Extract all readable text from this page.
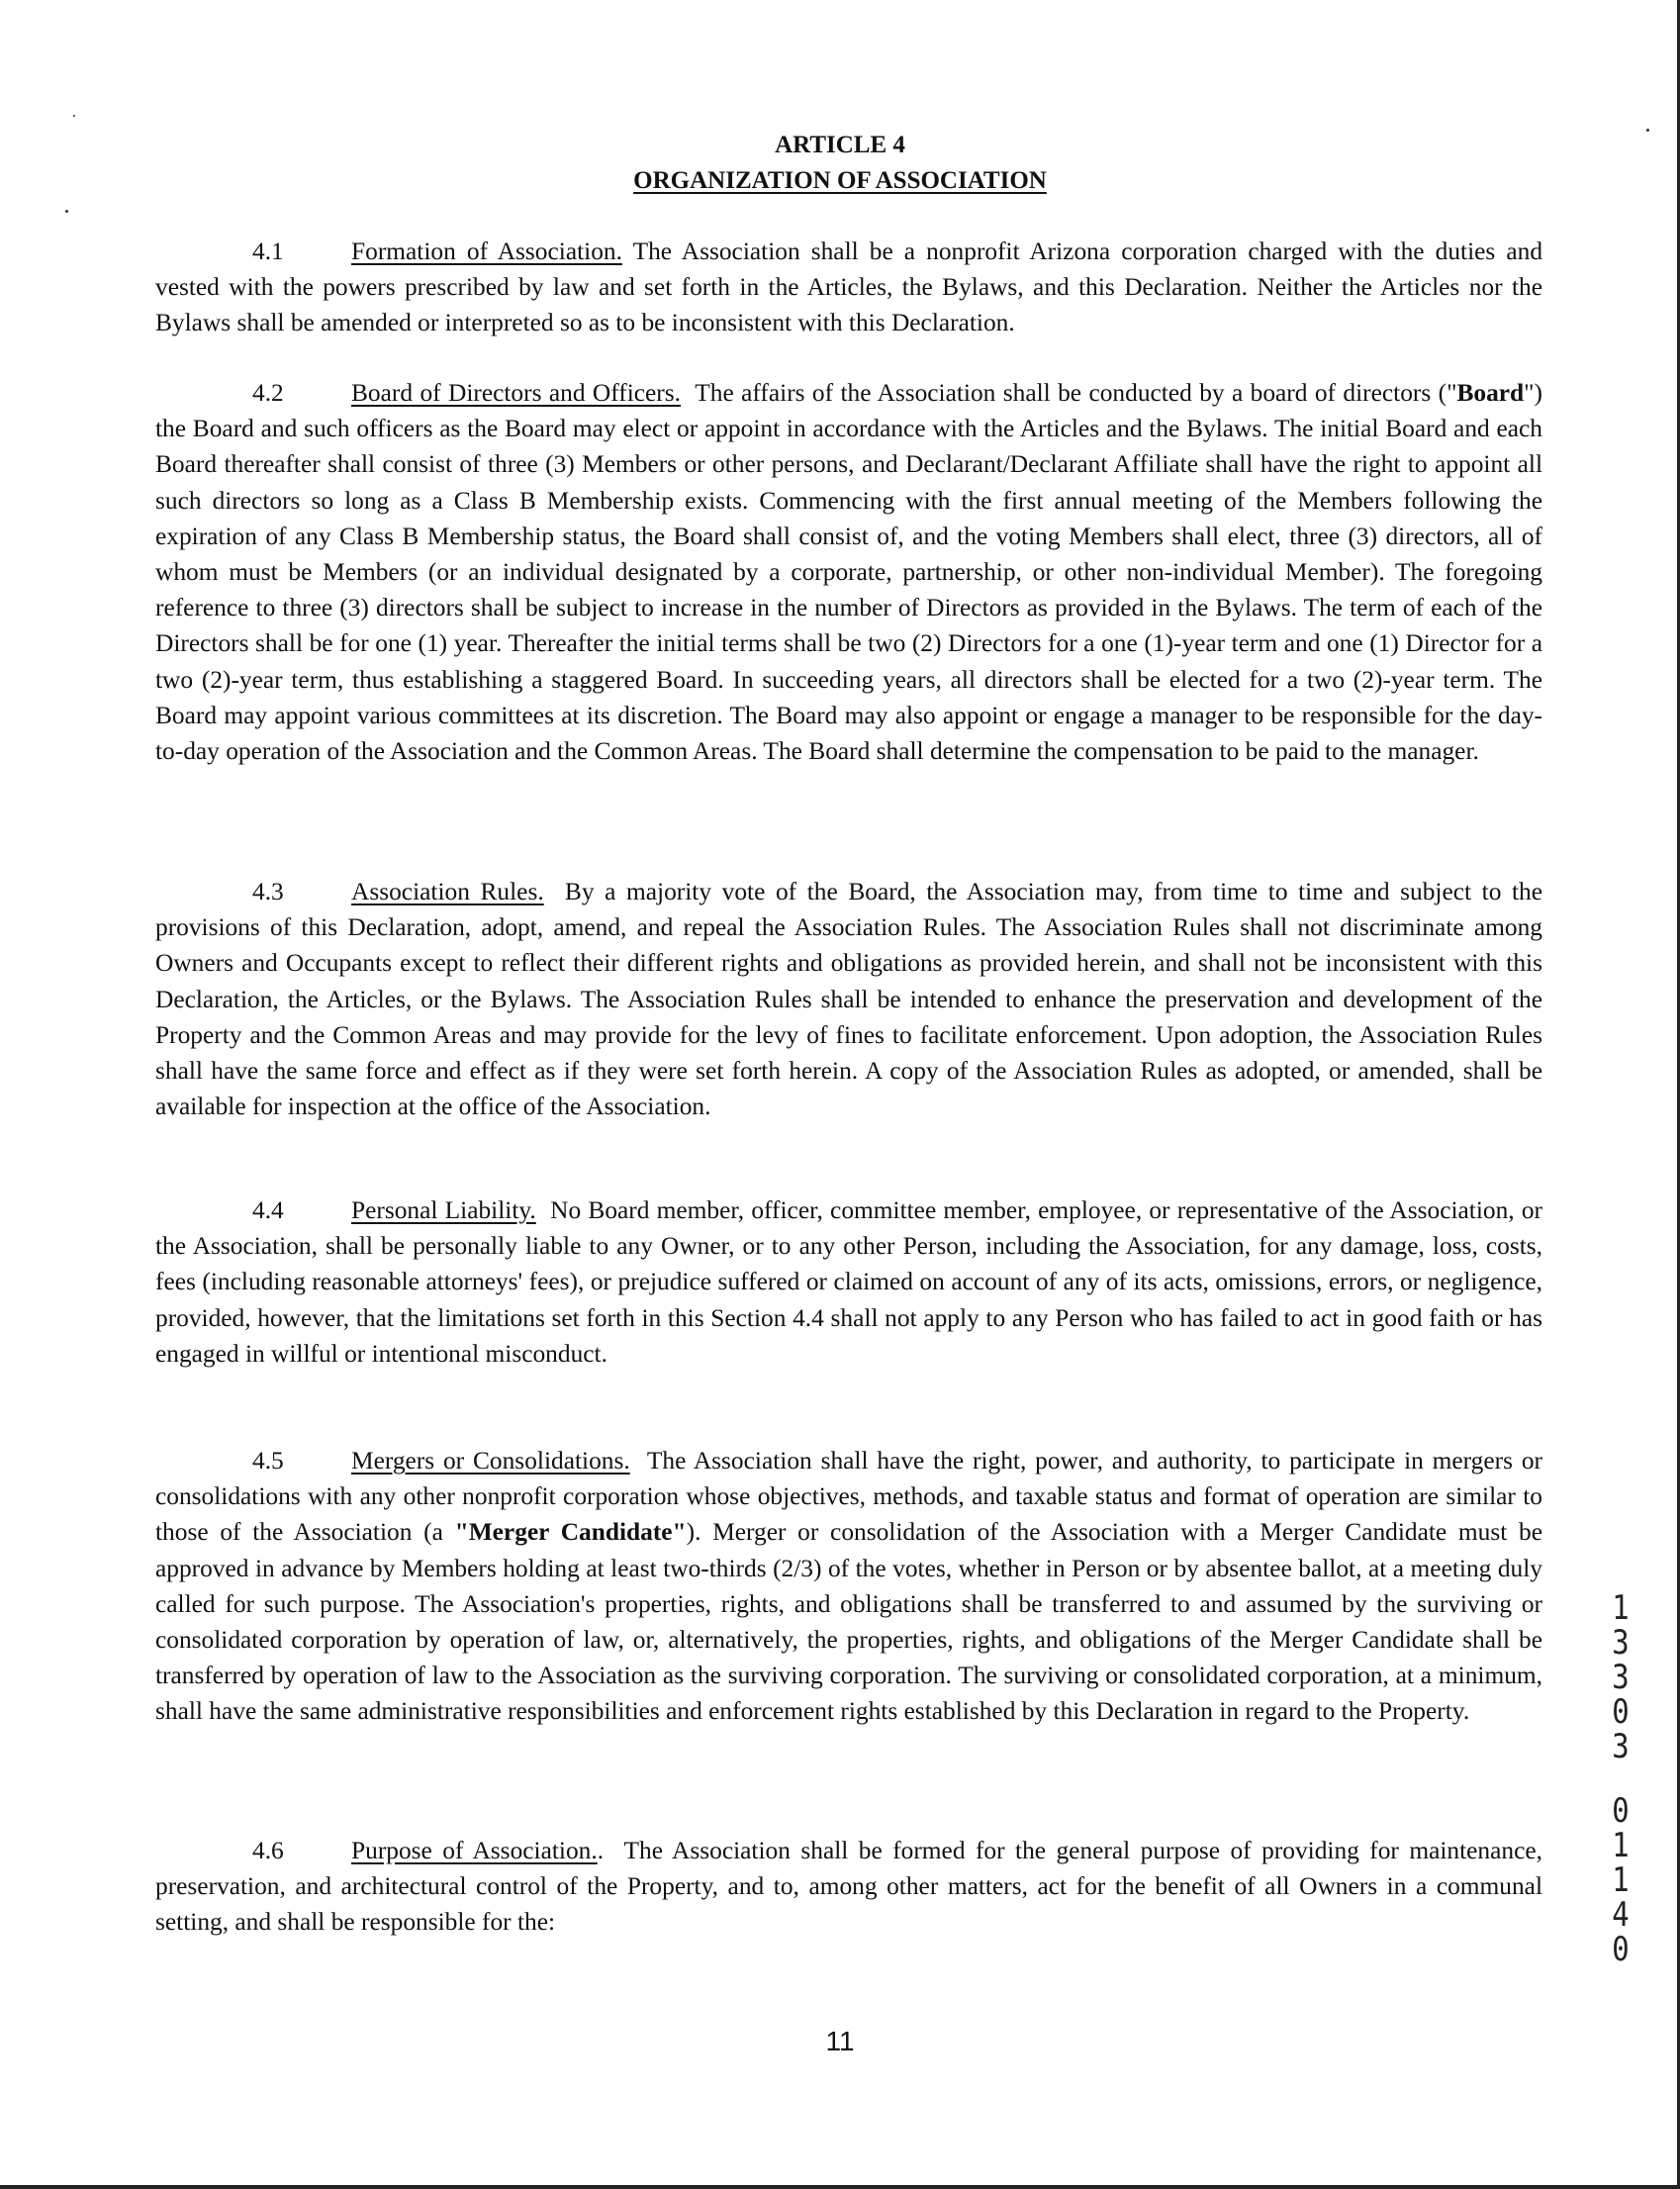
ARTICLE 4
ORGANIZATION OF ASSOCIATION

4.1	Formation of Association. The Association shall be a nonprofit Arizona corporation charged with the duties and vested with the powers prescribed by law and set forth in the Articles, the Bylaws, and this Declaration. Neither the Articles nor the Bylaws shall be amended or interpreted so as to be inconsistent with this Declaration.

4.2	Board of Directors and Officers. The affairs of the Association shall be conducted by a board of directors ("Board") the Board and such officers as the Board may elect or appoint in accordance with the Articles and the Bylaws. The initial Board and each Board thereafter shall consist of three (3) Members or other persons, and Declarant/Declarant Affiliate shall have the right to appoint all such directors so long as a Class B Membership exists. Commencing with the first annual meeting of the Members following the expiration of any Class B Membership status, the Board shall consist of, and the voting Members shall elect, three (3) directors, all of whom must be Members (or an individual designated by a corporate, partnership, or other non-individual Member). The foregoing reference to three (3) directors shall be subject to increase in the number of Directors as provided in the Bylaws. The term of each of the Directors shall be for one (1) year. Thereafter the initial terms shall be two (2) Directors for a one (1)-year term and one (1) Director for a two (2)-year term, thus establishing a staggered Board. In succeeding years, all directors shall be elected for a two (2)-year term. The Board may appoint various committees at its discretion. The Board may also appoint or engage a manager to be responsible for the day-to-day operation of the Association and the Common Areas. The Board shall determine the compensation to be paid to the manager.

4.3	Association Rules. By a majority vote of the Board, the Association may, from time to time and subject to the provisions of this Declaration, adopt, amend, and repeal the Association Rules. The Association Rules shall not discriminate among Owners and Occupants except to reflect their different rights and obligations as provided herein, and shall not be inconsistent with this Declaration, the Articles, or the Bylaws. The Association Rules shall be intended to enhance the preservation and development of the Property and the Common Areas and may provide for the levy of fines to facilitate enforcement. Upon adoption, the Association Rules shall have the same force and effect as if they were set forth herein. A copy of the Association Rules as adopted, or amended, shall be available for inspection at the office of the Association.

4.4	Personal Liability. No Board member, officer, committee member, employee, or representative of the Association, or the Association, shall be personally liable to any Owner, or to any other Person, including the Association, for any damage, loss, costs, fees (including reasonable attorneys' fees), or prejudice suffered or claimed on account of any of its acts, omissions, errors, or negligence, provided, however, that the limitations set forth in this Section 4.4 shall not apply to any Person who has failed to act in good faith or has engaged in willful or intentional misconduct.

4.5	Mergers or Consolidations. The Association shall have the right, power, and authority, to participate in mergers or consolidations with any other nonprofit corporation whose objectives, methods, and taxable status and format of operation are similar to those of the Association (a "Merger Candidate"). Merger or consolidation of the Association with a Merger Candidate must be approved in advance by Members holding at least two-thirds (2/3) of the votes, whether in Person or by absentee ballot, at a meeting duly called for such purpose. The Association's properties, rights, and obligations shall be transferred to and assumed by the surviving or consolidated corporation by operation of law, or, alternatively, the properties, rights, and obligations of the Merger Candidate shall be transferred by operation of law to the Association as the surviving corporation. The surviving or consolidated corporation, at a minimum, shall have the same administrative responsibilities and enforcement rights established by this Declaration in regard to the Property.

4.6	Purpose of Association..  The Association shall be formed for the general purpose of providing for maintenance, preservation, and architectural control of the Property, and to, among other matters, act for the benefit of all Owners in a communal setting, and shall be responsible for the:

11
1
3
3
0
3
0
1
1
4
0
